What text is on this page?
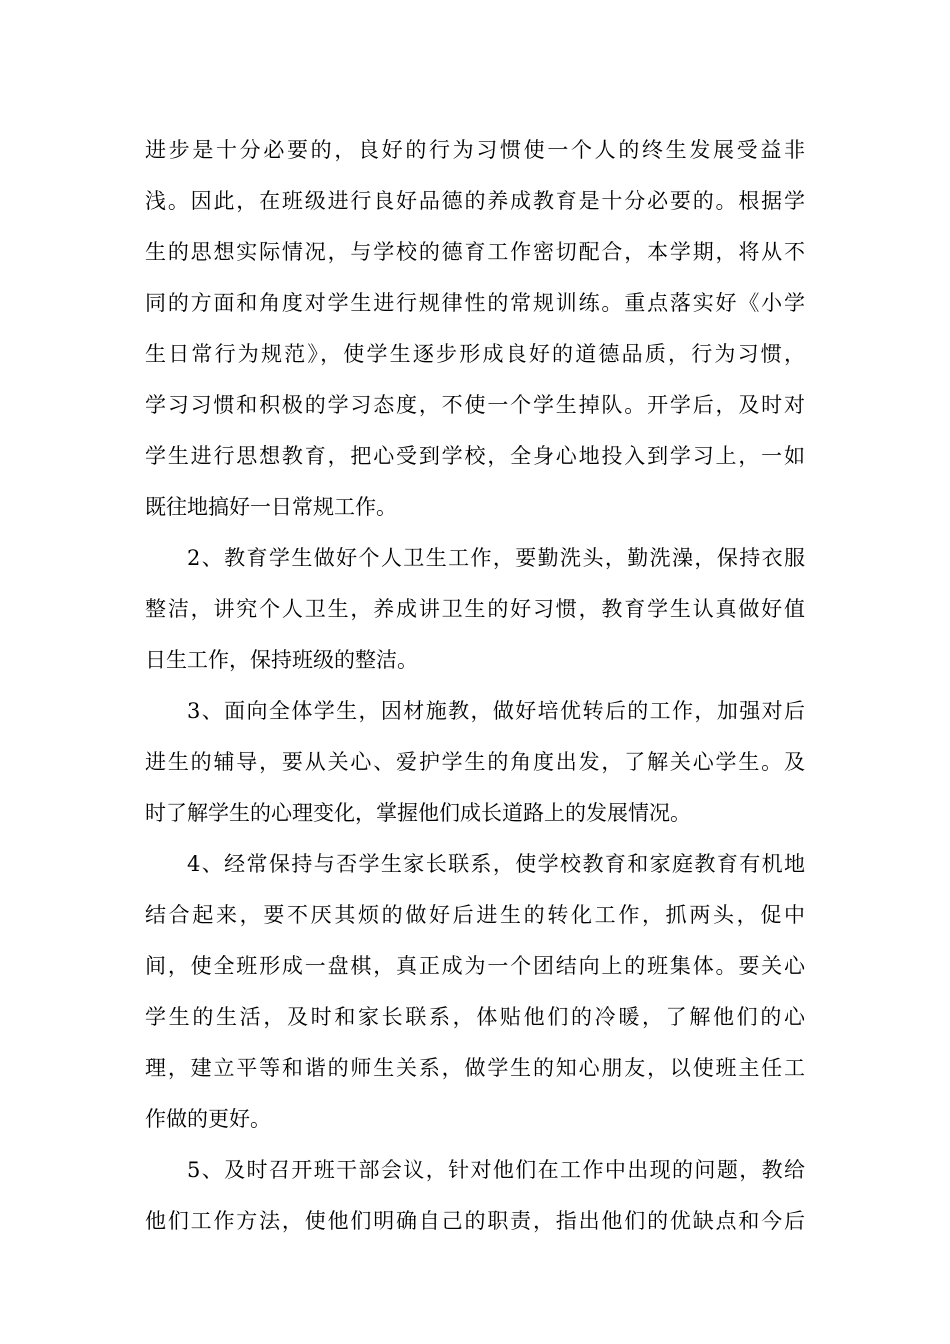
进步是十分必要的，良好的行为习惯使一个人的终生发展受益非
浅。因此，在班级进行良好品德的养成教育是十分必要的。根据学
生的思想实际情况，与学校的德育工作密切配合，本学期，将从不
同的方面和角度对学生进行规律性的常规训练。重点落实好《小学
生日常行为规范》，使学生逐步形成良好的道德品质，行为习惯，
学习习惯和积极的学习态度，不使一个学生掉队。开学后，及时对
学生进行思想教育，把心受到学校，全身心地投入到学习上，一如
既往地搞好一日常规工作。
2、教育学生做好个人卫生工作，要勤洗头，勤洗澡，保持衣服
整洁，讲究个人卫生，养成讲卫生的好习惯，教育学生认真做好值
日生工作，保持班级的整洁。
3、面向全体学生，因材施教，做好培优转后的工作，加强对后
进生的辅导，要从关心、爱护学生的角度出发，了解关心学生。及
时了解学生的心理变化，掌握他们成长道路上的发展情况。
4、经常保持与否学生家长联系，使学校教育和家庭教育有机地
结合起来，要不厌其烦的做好后进生的转化工作，抓两头，促中
间，使全班形成一盘棋，真正成为一个团结向上的班集体。要关心
学生的生活，及时和家长联系，体贴他们的冷暖，了解他们的心
理，建立平等和谐的师生关系，做学生的知心朋友，以使班主任工
作做的更好。
5、及时召开班干部会议，针对他们在工作中出现的问题，教给
他们工作方法，使他们明确自己的职责，指出他们的优缺点和今后
